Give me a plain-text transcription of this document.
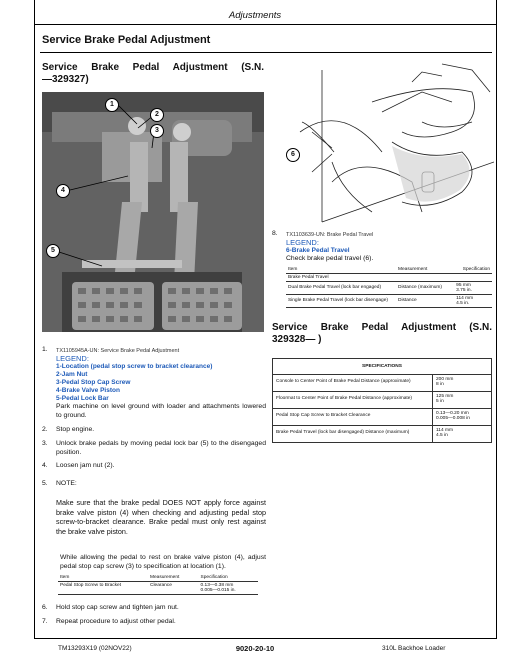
Adjustments
Service Brake Pedal Adjustment
Service Brake Pedal Adjustment (S.N.
—329327)
1
2
3
4
5
1. TX1105945A-UN: Service Brake Pedal Adjustment
LEGEND:
1-Location (pedal stop screw to bracket clearance)
2-Jam Nut
3-Pedal Stop Cap Screw
4-Brake Valve Piston
5-Pedal Lock Bar
Park machine on level ground with loader and attachments lowered to ground.
2. Stop engine.
3. Unlock brake pedals by moving pedal lock bar (5) to the disengaged position.
4. Loosen jam nut (2).
5. NOTE:
Make sure that the brake pedal DOES NOT apply force against brake valve piston (4) when checking and adjusting pedal stop screw-to-bracket clearance. Brake pedal must only rest against the brake valve piston.
While allowing the pedal to rest on brake valve piston (4), adjust pedal stop cap screw (3) to specification at location (1).
Item	Measurement	Specification
Pedal Stop Screw to Bracket	Clearance	0.13—0.38 mm
0.005—0.015 in.
6. Hold stop cap screw and tighten jam nut.
7. Repeat procedure to adjust other pedal.
6
8. TX1103639-UN: Brake Pedal Travel
LEGEND:
6-Brake Pedal Travel
Check brake pedal travel (6).
Item	Measurement	Specification
Brake Pedal Travel		
Dual Brake Pedal Travel (lock bar engaged)	Distance (maximum)	95 mm
3.75 in.

Single Brake Pedal Travel (lock bar disengage)	Distance	114 mm
4.5 in.
Service Brake Pedal Adjustment (S.N.
329328— )
SPECIFICATIONS	
Console to Center Point of Brake Pedal Distance (approximate)	200 mm
8 in

Floormat to Center Point of Brake Pedal Distance (approximate)	125 mm
5 in

Pedal Stop Cap Screw to Bracket Clearance	0.13—0.20 mm
0.005—0.008 in

Brake Pedal Travel (lock bar disengaged) Distance (maximum)	114 mm
4.5 in
TM13293X19 (02NOV22)	9020-20-10	310L Backhoe Loader
